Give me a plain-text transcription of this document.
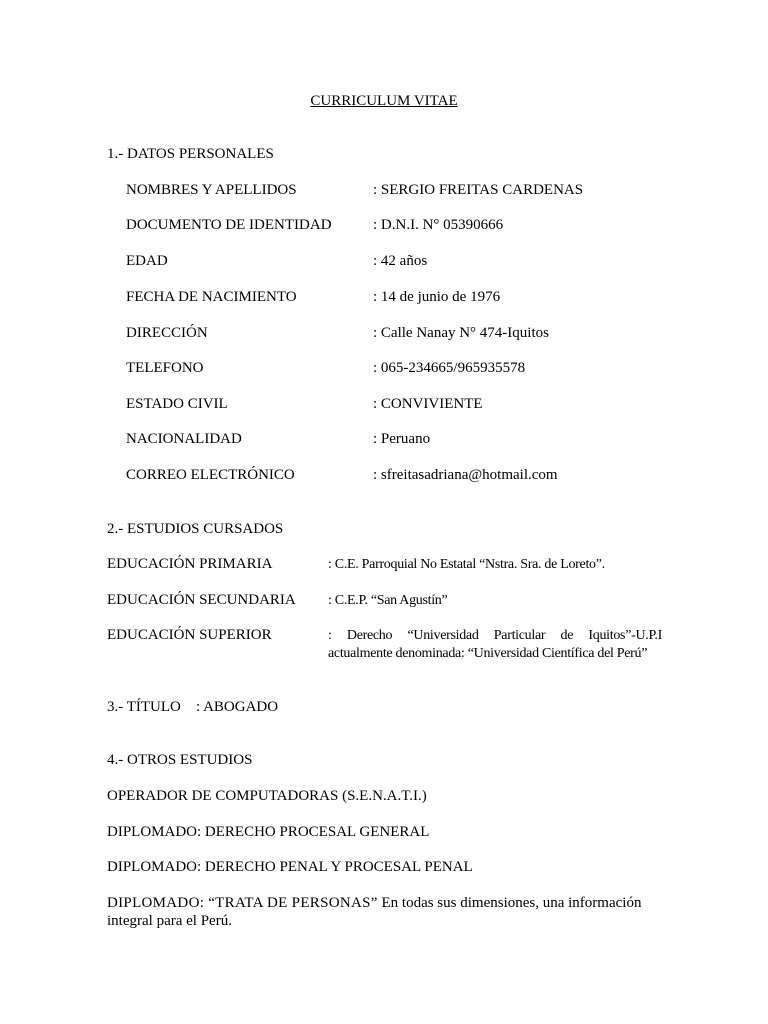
CURRICULUM VITAE
1.- DATOS PERSONALES
NOMBRES Y APELLIDOS	: SERGIO FREITAS CARDENAS
DOCUMENTO DE IDENTIDAD	: D.N.I. N° 05390666
EDAD	: 42 años
FECHA DE NACIMIENTO	: 14 de junio de 1976
DIRECCIÓN	: Calle Nanay N° 474-Iquitos
TELEFONO	: 065-234665/965935578
ESTADO CIVIL	: CONVIVIENTE
NACIONALIDAD	: Peruano
CORREO ELECTRÓNICO	: sfreitasadriana@hotmail.com
2.- ESTUDIOS CURSADOS
EDUCACIÓN PRIMARIA	: C.E. Parroquial No Estatal “Nstra. Sra. de Loreto”.
EDUCACIÓN SECUNDARIA : C.E.P. “San Agustín”
EDUCACIÓN SUPERIOR	: Derecho “Universidad Particular de Iquitos”-U.P.I actualmente denominada: “Universidad Científica del Perú”
3.- TÍTULO : ABOGADO
4.- OTROS ESTUDIOS
OPERADOR DE COMPUTADORAS (S.E.N.A.T.I.)
DIPLOMADO: DERECHO PROCESAL GENERAL
DIPLOMADO: DERECHO PENAL Y PROCESAL PENAL
DIPLOMADO: “TRATA DE PERSONAS” En todas sus dimensiones, una información integral para el Perú.
